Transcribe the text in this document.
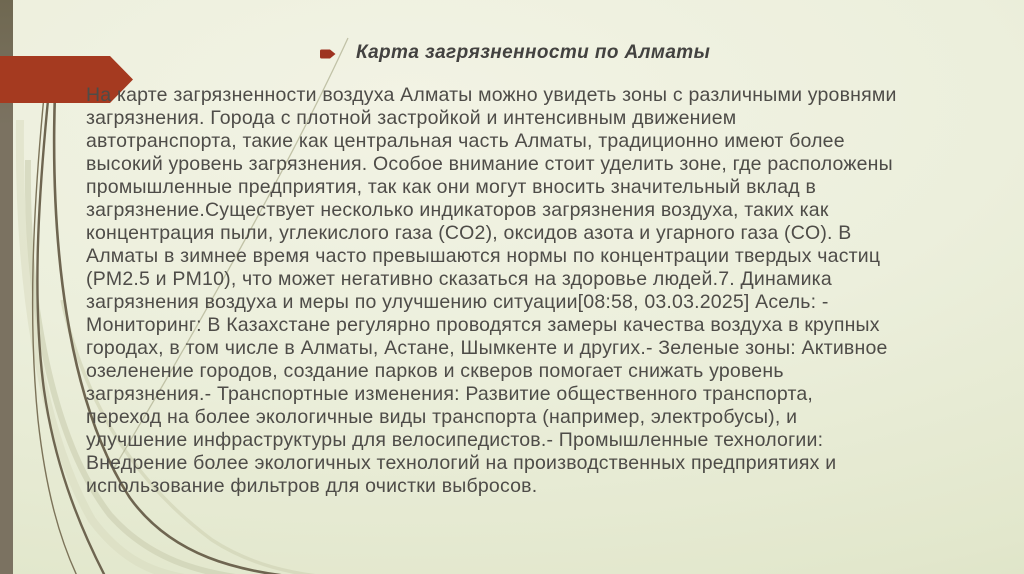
Карта загрязненности по Алматы
На карте загрязненности воздуха Алматы можно увидеть зоны с различными уровнями
загрязнения. Города с плотной застройкой и интенсивным движением
автотранспорта, такие как центральная часть Алматы, традиционно имеют более
высокий уровень загрязнения. Особое внимание стоит уделить зоне, где расположены
промышленные предприятия, так как они могут вносить значительный вклад в
загрязнение.Существует несколько индикаторов загрязнения воздуха, таких как
концентрация пыли, углекислого газа (CO2), оксидов азота и угарного газа (CO). В
Алматы в зимнее время часто превышаются нормы по концентрации твердых частиц
(PM2.5 и PM10), что может негативно сказаться на здоровье людей.7. Динамика
загрязнения воздуха и меры по улучшению ситуации[08:58, 03.03.2025] Асель: -
Мониторинг: В Казахстане регулярно проводятся замеры качества воздуха в крупных
городах, в том числе в Алматы, Астане, Шымкенте и других.- Зеленые зоны: Активное
озеленение городов, создание парков и скверов помогает снижать уровень
загрязнения.- Транспортные изменения: Развитие общественного транспорта,
переход на более экологичные виды транспорта (например, электробусы), и
улучшение инфраструктуры для велосипедистов.- Промышленные технологии:
Внедрение более экологичных технологий на производственных предприятиях и
использование фильтров для очистки выбросов.
